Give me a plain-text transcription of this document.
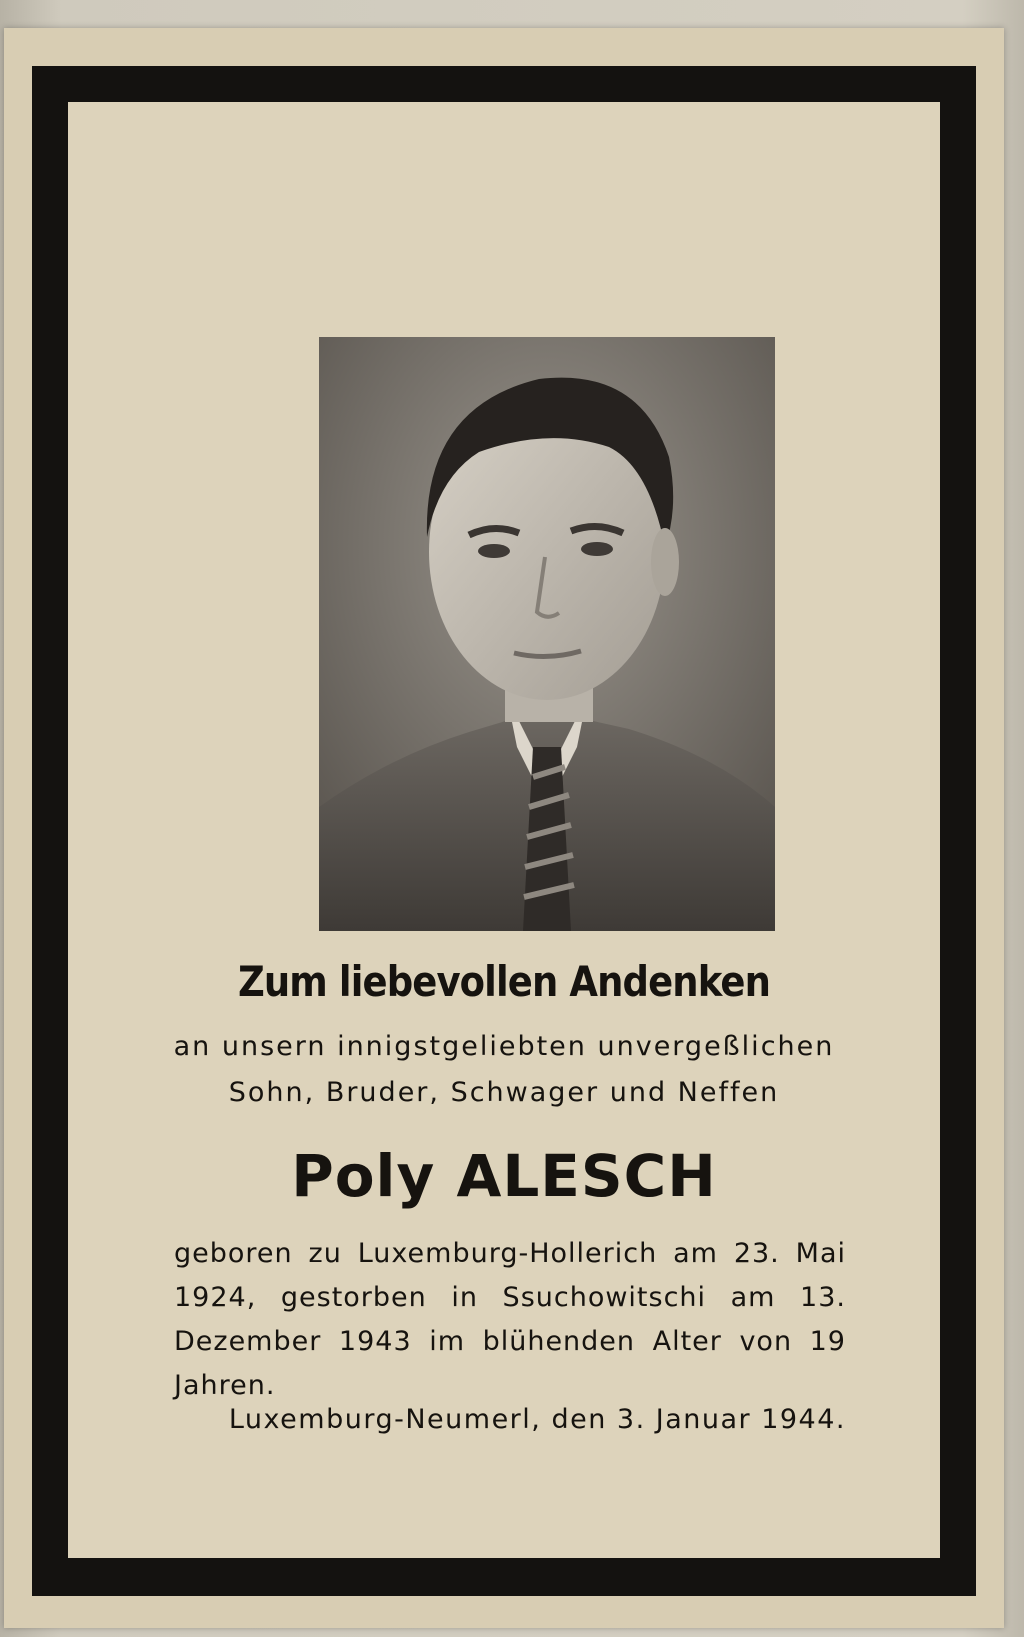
Zum liebevollen Andenken
an unsern innigstgeliebten unvergeßlichen
Sohn, Bruder, Schwager und Neffen
Poly ALESCH
geboren zu Luxemburg-Hollerich am 23. Mai 1924, gestorben in Ssuchowitschi am 13. Dezember 1943 im blühenden Alter von 19 Jahren.
Luxemburg-Neumerl, den 3. Januar 1944.
